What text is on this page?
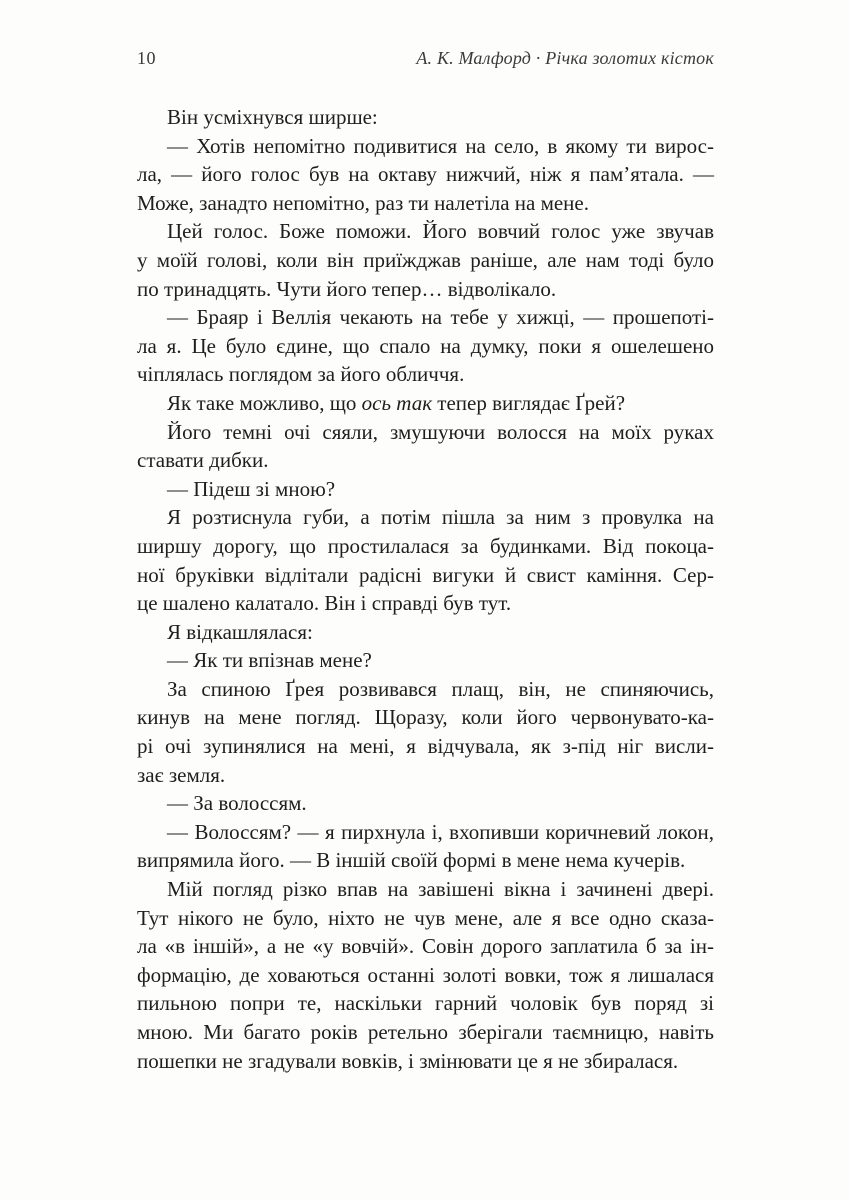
10	А. К. Малфорд · Річка золотих кісток

Він усміхнувся ширше:

— Хотів непомітно подивитися на село, в якому ти вирос-
ла, — його голос був на октаву нижчий, ніж я пам’ятала. —
Може, занадто непомітно, раз ти налетіла на мене.

Цей голос. Боже поможи. Його вовчий голос уже звучав
у моїй голові, коли він приїжджав раніше, але нам тоді було
по тринадцять. Чути його тепер… відволікало.

— Браяр і Веллія чекають на тебе у хижці, — прошепоті-
ла я. Це було єдине, що спало на думку, поки я ошелешено
чіплялась поглядом за його обличчя.

Як таке можливо, що ось так тепер виглядає Ґрей?

Його темні очі сяяли, змушуючи волосся на моїх руках
ставати дибки.

— Підеш зі мною?

Я розтиснула губи, а потім пішла за ним з провулка на
ширшу дорогу, що простилалася за будинками. Від покоца-
ної бруківки відлітали радісні вигуки й свист каміння. Сер-
це шалено калатало. Він і справді був тут.

Я відкашлялася:

— Як ти впізнав мене?

За спиною Ґрея розвивався плащ, він, не спиняючись,
кинув на мене погляд. Щоразу, коли його червонувато-ка-
рі очі зупинялися на мені, я відчувала, як з-під ніг висли-
зає земля.

— За волоссям.

— Волоссям? — я пирхнула і, вхопивши коричневий локон,
випрямила його. — В іншій своїй формі в мене нема кучерів.

Мій погляд різко впав на завішені вікна і зачинені двері.
Тут нікого не було, ніхто не чув мене, але я все одно сказа-
ла «в іншій», а не «у вовчій». Совін дорого заплатила б за ін-
формацію, де ховаються останні золоті вовки, тож я лишалася
пильною попри те, наскільки гарний чоловік був поряд зі
мною. Ми багато років ретельно зберігали таємницю, навіть
пошепки не згадували вовків, і змінювати це я не збиралася.
